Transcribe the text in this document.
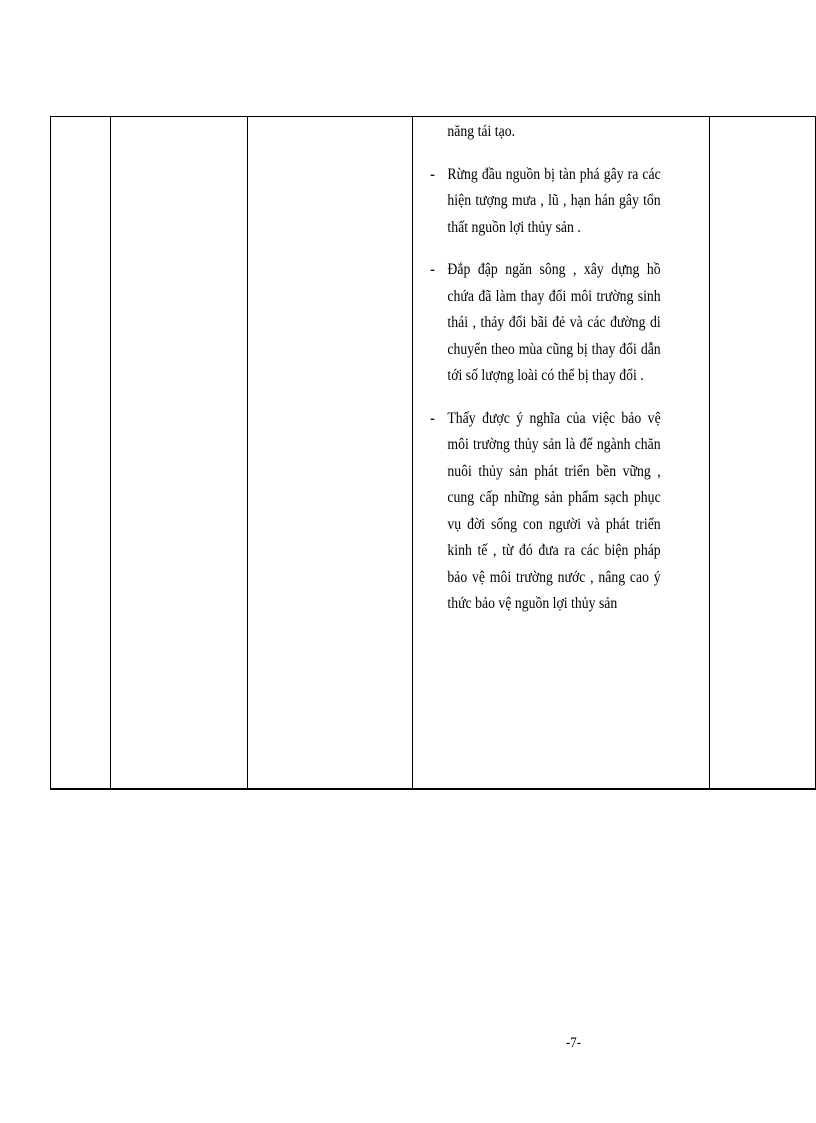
năng tái tạo.

- Rừng đầu nguồn bị tàn phá gây ra các hiện tượng mưa , lũ , hạn hán gây tổn thất nguồn lợi thủy sản .
- Đắp đập ngăn sông , xây dựng hồ chứa đã làm thay đổi môi trường sinh thái , thảy đổi bãi đẻ và các đường di chuyển theo mùa cũng bị thay đổi dẫn tới số lượng loài có thể bị thay đổi .
- Thấy được ý nghĩa của việc bảo vệ môi trường thủy sản là để ngành chăn nuôi thủy sản phát triển bền vững , cung cấp những sản phẩm sạch phục vụ đời sống con người và phát triển kinh tế , từ đó đưa ra các biện pháp bảo vệ môi trường nước , nâng cao ý thức bảo vệ nguồn lợi thủy sản

-7-
